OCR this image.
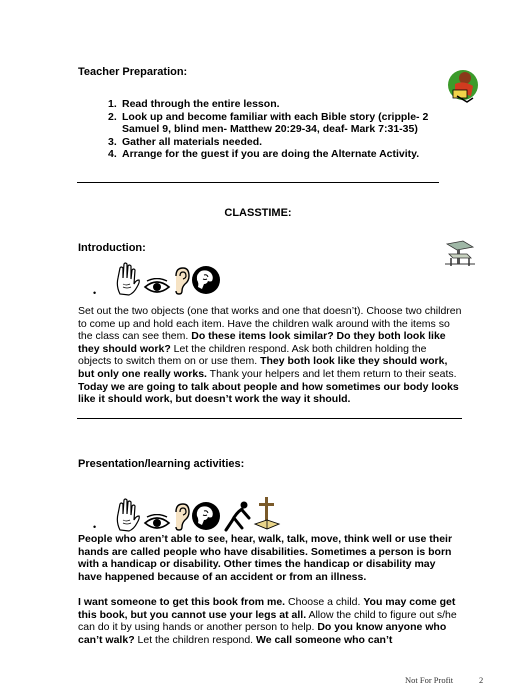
Teacher Preparation:
1. Read through the entire lesson.
2. Look up and become familiar with each Bible story (cripple- 2 Samuel 9, blind men- Matthew 20:29-34, deaf- Mark 7:31-35)
3. Gather all materials needed.
4. Arrange for the guest if you are doing the Alternate Activity.
CLASSTIME:
Introduction:
•
Set out the two objects (one that works and one that doesn’t). Choose two children to come up and hold each item. Have the children walk around with the items so the class can see them. Do these items look similar? Do they both look like they should work? Let the children respond. Ask both children holding the objects to switch them on or use them. They both look like they should work, but only one really works. Thank your helpers and let them return to their seats. Today we are going to talk about people and how sometimes our body looks like it should work, but doesn’t work the way it should.
Presentation/learning activities:
•
People who aren’t able to see, hear, walk, talk, move, think well or use their hands are called people who have disabilities. Sometimes a person is born with a handicap or disability. Other times the handicap or disability may have happened because of an accident or from an illness.
I want someone to get this book from me. Choose a child. You may come get this book, but you cannot use your legs at all. Allow the child to figure out s/he can do it by using hands or another person to help. Do you know anyone who can’t walk? Let the children respond. We call someone who can’t
Not For Profit	2
